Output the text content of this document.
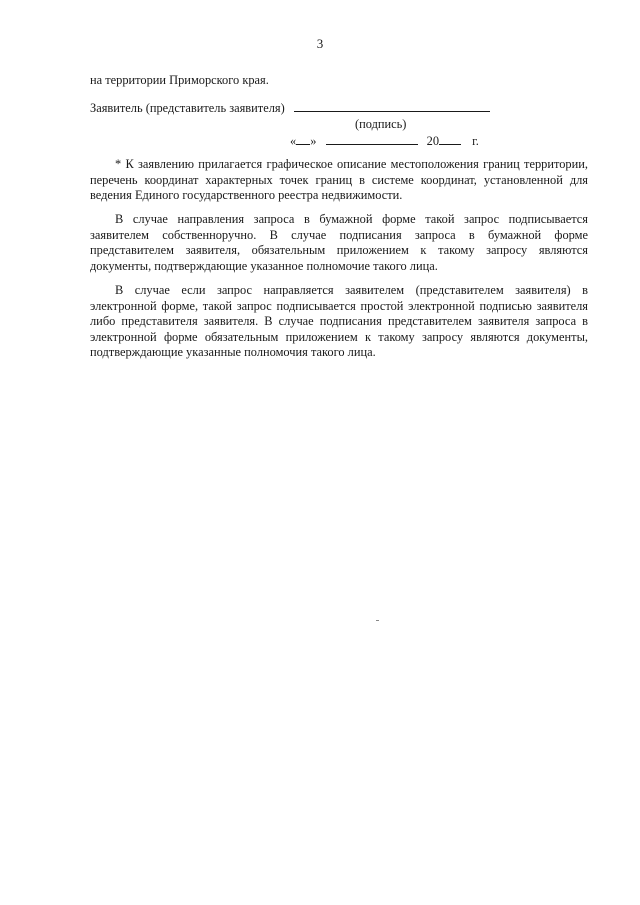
3
на территории Приморского края.
Заявитель (представитель заявителя)
(подпись)
« »	20	г.
* К заявлению прилагается графическое описание местоположения границ территории, перечень координат характерных точек границ в системе координат, установленной для ведения Единого государственного реестра недвижимости.
В случае направления запроса в бумажной форме такой запрос подписывается заявителем собственноручно. В случае подписания запроса в бумажной форме представителем заявителя, обязательным приложением к такому запросу являются документы, подтверждающие указанное полномочие такого лица.
В случае если запрос направляется заявителем (представителем заявителя) в электронной форме, такой запрос подписывается простой электронной подписью заявителя либо представителя заявителя. В случае подписания представителем заявителя запроса в электронной форме обязательным приложением к такому запросу являются документы, подтверждающие указанные полномочия такого лица.
